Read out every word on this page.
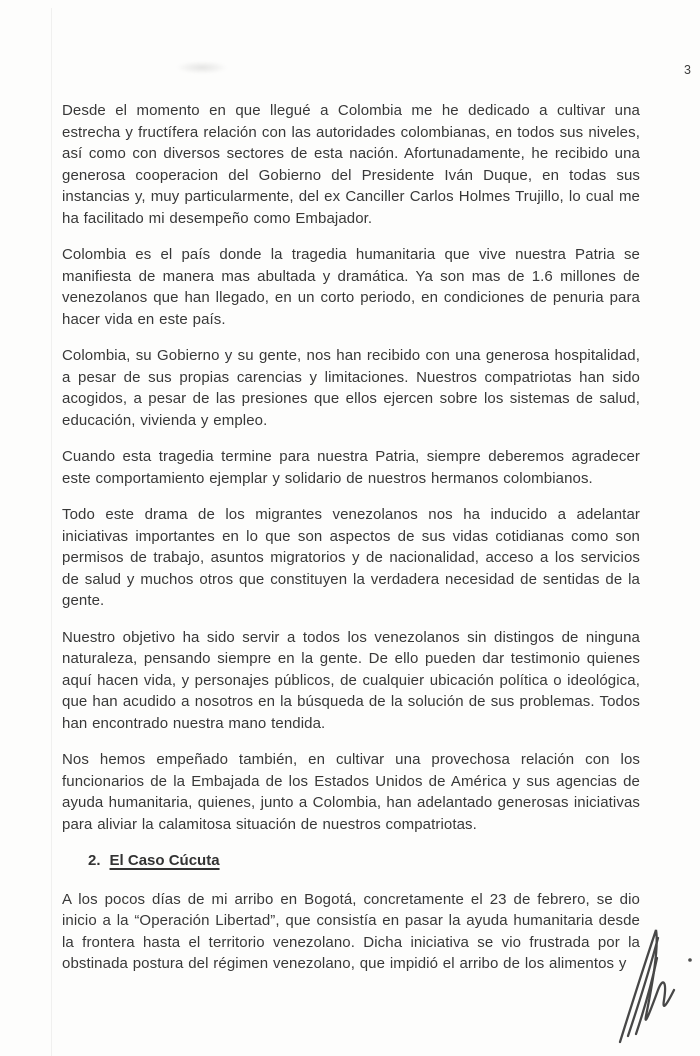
3

Desde el momento en que llegué a Colombia me he dedicado a cultivar una estrecha y fructífera relación con las autoridades colombianas, en todos sus niveles, así como con diversos sectores de esta nación. Afortunadamente, he recibido una generosa cooperacion del Gobierno del Presidente Iván Duque, en todas sus instancias y, muy particularmente, del ex Canciller Carlos Holmes Trujillo, lo cual me ha facilitado mi desempeño como Embajador.

Colombia es el país donde la tragedia humanitaria que vive nuestra Patria se manifiesta de manera mas abultada y dramática. Ya son mas de 1.6 millones de venezolanos que han llegado, en un corto periodo, en condiciones de penuria para hacer vida en este país.

Colombia, su Gobierno y su gente, nos han recibido con una generosa hospitalidad, a pesar de sus propias carencias y limitaciones. Nuestros compatriotas han sido acogidos, a pesar de las presiones que ellos ejercen sobre los sistemas de salud, educación, vivienda y empleo.

Cuando esta tragedia termine para nuestra Patria, siempre deberemos agradecer este comportamiento ejemplar y solidario de nuestros hermanos colombianos.

Todo este drama de los migrantes venezolanos nos ha inducido a adelantar iniciativas importantes en lo que son aspectos de sus vidas cotidianas como son permisos de trabajo, asuntos migratorios y de nacionalidad, acceso a los servicios de salud y muchos otros que constituyen la verdadera necesidad de sentidas de la gente.

Nuestro objetivo ha sido servir a todos los venezolanos sin distingos de ninguna naturaleza, pensando siempre en la gente. De ello pueden dar testimonio quienes aquí hacen vida, y personajes públicos, de cualquier ubicación política o ideológica, que han acudido a nosotros en la búsqueda de la solución de sus problemas. Todos han encontrado nuestra mano tendida.

Nos hemos empeñado también, en cultivar una provechosa relación con los funcionarios de la Embajada de los Estados Unidos de América y sus agencias de ayuda humanitaria, quienes, junto a Colombia, han adelantado generosas iniciativas para aliviar la calamitosa situación de nuestros compatriotas.

2. El Caso Cúcuta

A los pocos días de mi arribo en Bogotá, concretamente el 23 de febrero, se dio inicio a la “Operación Libertad”, que consistía en pasar la ayuda humanitaria desde la frontera hasta el territorio venezolano. Dicha iniciativa se vio frustrada por la obstinada postura del régimen venezolano, que impidió el arribo de los alimentos y
